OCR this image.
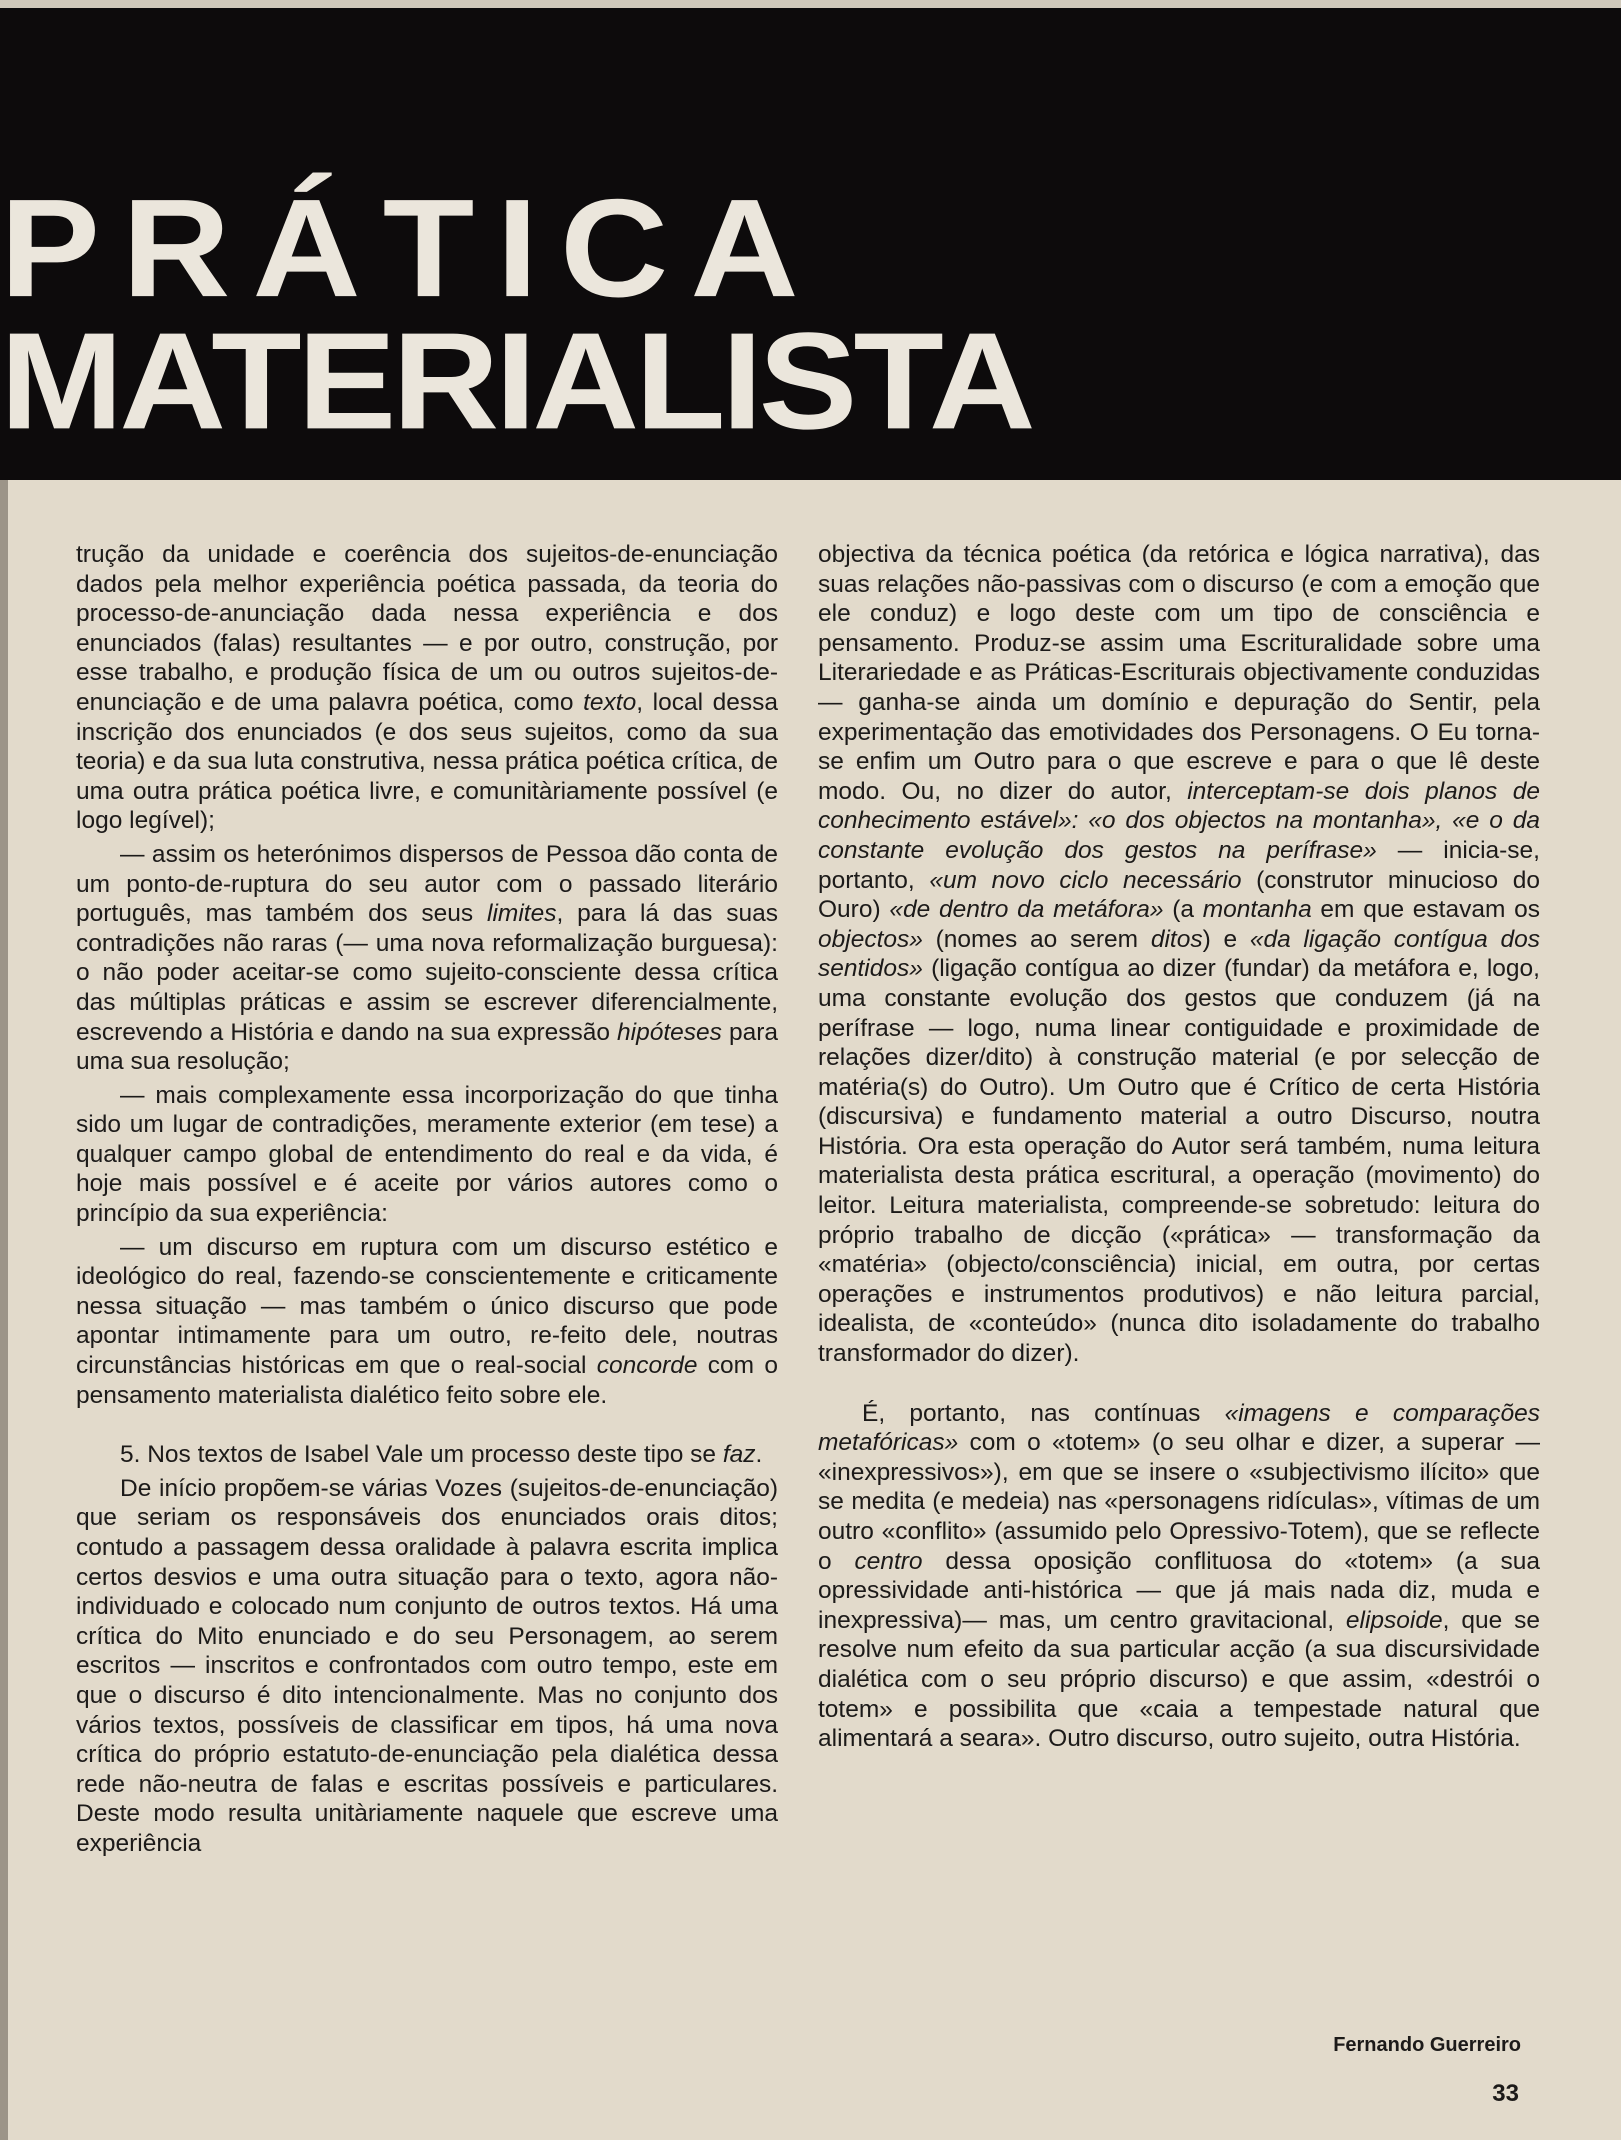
PRÁTICA
MATERIALISTA

trução da unidade e coerência dos sujeitos-de-enunciação dados pela melhor experiência poética passada, da teoria do processo-de-anunciação dada nessa experiência e dos enunciados (falas) resultantes — e por outro, construção, por esse trabalho, e produção física de um ou outros sujeitos-de-enunciação e de uma palavra poética, como texto, local dessa inscrição dos enunciados (e dos seus sujeitos, como da sua teoria) e da sua luta construtiva, nessa prática poética crítica, de uma outra prática poética livre, e comunitàriamente possível (e logo legível);

— assim os heterónimos dispersos de Pessoa dão conta de um ponto-de-ruptura do seu autor com o passado literário português, mas também dos seus limites, para lá das suas contradições não raras (— uma nova reformalização burguesa): o não poder aceitar-se como sujeito-consciente dessa crítica das múltiplas práticas e assim se escrever diferencialmente, escrevendo a História e dando na sua expressão hipóteses para uma sua resolução;

— mais complexamente essa incorporização do que tinha sido um lugar de contradições, meramente exterior (em tese) a qualquer campo global de entendimento do real e da vida, é hoje mais possível e é aceite por vários autores como o princípio da sua experiência:

— um discurso em ruptura com um discurso estético e ideológico do real, fazendo-se conscientemente e criticamente nessa situação — mas também o único discurso que pode apontar intimamente para um outro, re-feito dele, noutras circunstâncias históricas em que o real-social concorde com o pensamento materialista dialético feito sobre ele.

5. Nos textos de Isabel Vale um processo deste tipo se faz.

De início propõem-se várias Vozes (sujeitos-de-enunciação) que seriam os responsáveis dos enunciados orais ditos; contudo a passagem dessa oralidade à palavra escrita implica certos desvios e uma outra situação para o texto, agora não-individuado e colocado num conjunto de outros textos. Há uma crítica do Mito enunciado e do seu Personagem, ao serem escritos — inscritos e confrontados com outro tempo, este em que o discurso é dito intencionalmente. Mas no conjunto dos vários textos, possíveis de classificar em tipos, há uma nova crítica do próprio estatuto-de-enunciação pela dialética dessa rede não-neutra de falas e escritas possíveis e particulares. Deste modo resulta unitàriamente naquele que escreve uma experiência

objectiva da técnica poética (da retórica e lógica narrativa), das suas relações não-passivas com o discurso (e com a emoção que ele conduz) e logo deste com um tipo de consciência e pensamento. Produz-se assim uma Escrituralidade sobre uma Literariedade e as Práticas-Escriturais objectivamente conduzidas — ganha-se ainda um domínio e depuração do Sentir, pela experimentação das emotividades dos Personagens. O Eu torna-se enfim um Outro para o que escreve e para o que lê deste modo. Ou, no dizer do autor, interceptam-se dois planos de conhecimento estável»: «o dos objectos na montanha», «e o da constante evolução dos gestos na perífrase» — inicia-se, portanto, «um novo ciclo necessário (construtor minucioso do Ouro) «de dentro da metáfora» (a montanha em que estavam os objectos» (nomes ao serem ditos) e «da ligação contígua dos sentidos» (ligação contígua ao dizer (fundar) da metáfora e, logo, uma constante evolução dos gestos que conduzem (já na perífrase — logo, numa linear contiguidade e proximidade de relações dizer/dito) à construção material (e por selecção de matéria(s) do Outro). Um Outro que é Crítico de certa História (discursiva) e fundamento material a outro Discurso, noutra História. Ora esta operação do Autor será também, numa leitura materialista desta prática escritural, a operação (movimento) do leitor. Leitura materialista, compreende-se sobretudo: leitura do próprio trabalho de dicção («prática» — transformação da «matéria» (objecto/consciência) inicial, em outra, por certas operações e instrumentos produtivos) e não leitura parcial, idealista, de «conteúdo» (nunca dito isoladamente do trabalho transformador do dizer).

É, portanto, nas contínuas «imagens e comparações metafóricas» com o «totem» (o seu olhar e dizer, a superar — «inexpressivos»), em que se insere o «subjectivismo ilícito» que se medita (e medeia) nas «personagens ridículas», vítimas de um outro «conflito» (assumido pelo Opressivo-Totem), que se reflecte o centro dessa oposição conflituosa do «totem» (a sua opressividade anti-histórica — que já mais nada diz, muda e inexpressiva)— mas, um centro gravitacional, elipsoide, que se resolve num efeito da sua particular acção (a sua discursividade dialética com o seu próprio discurso) e que assim, «destrói o totem» e possibilita que «caia a tempestade natural que alimentará a seara». Outro discurso, outro sujeito, outra História.

Fernando Guerreiro
33
